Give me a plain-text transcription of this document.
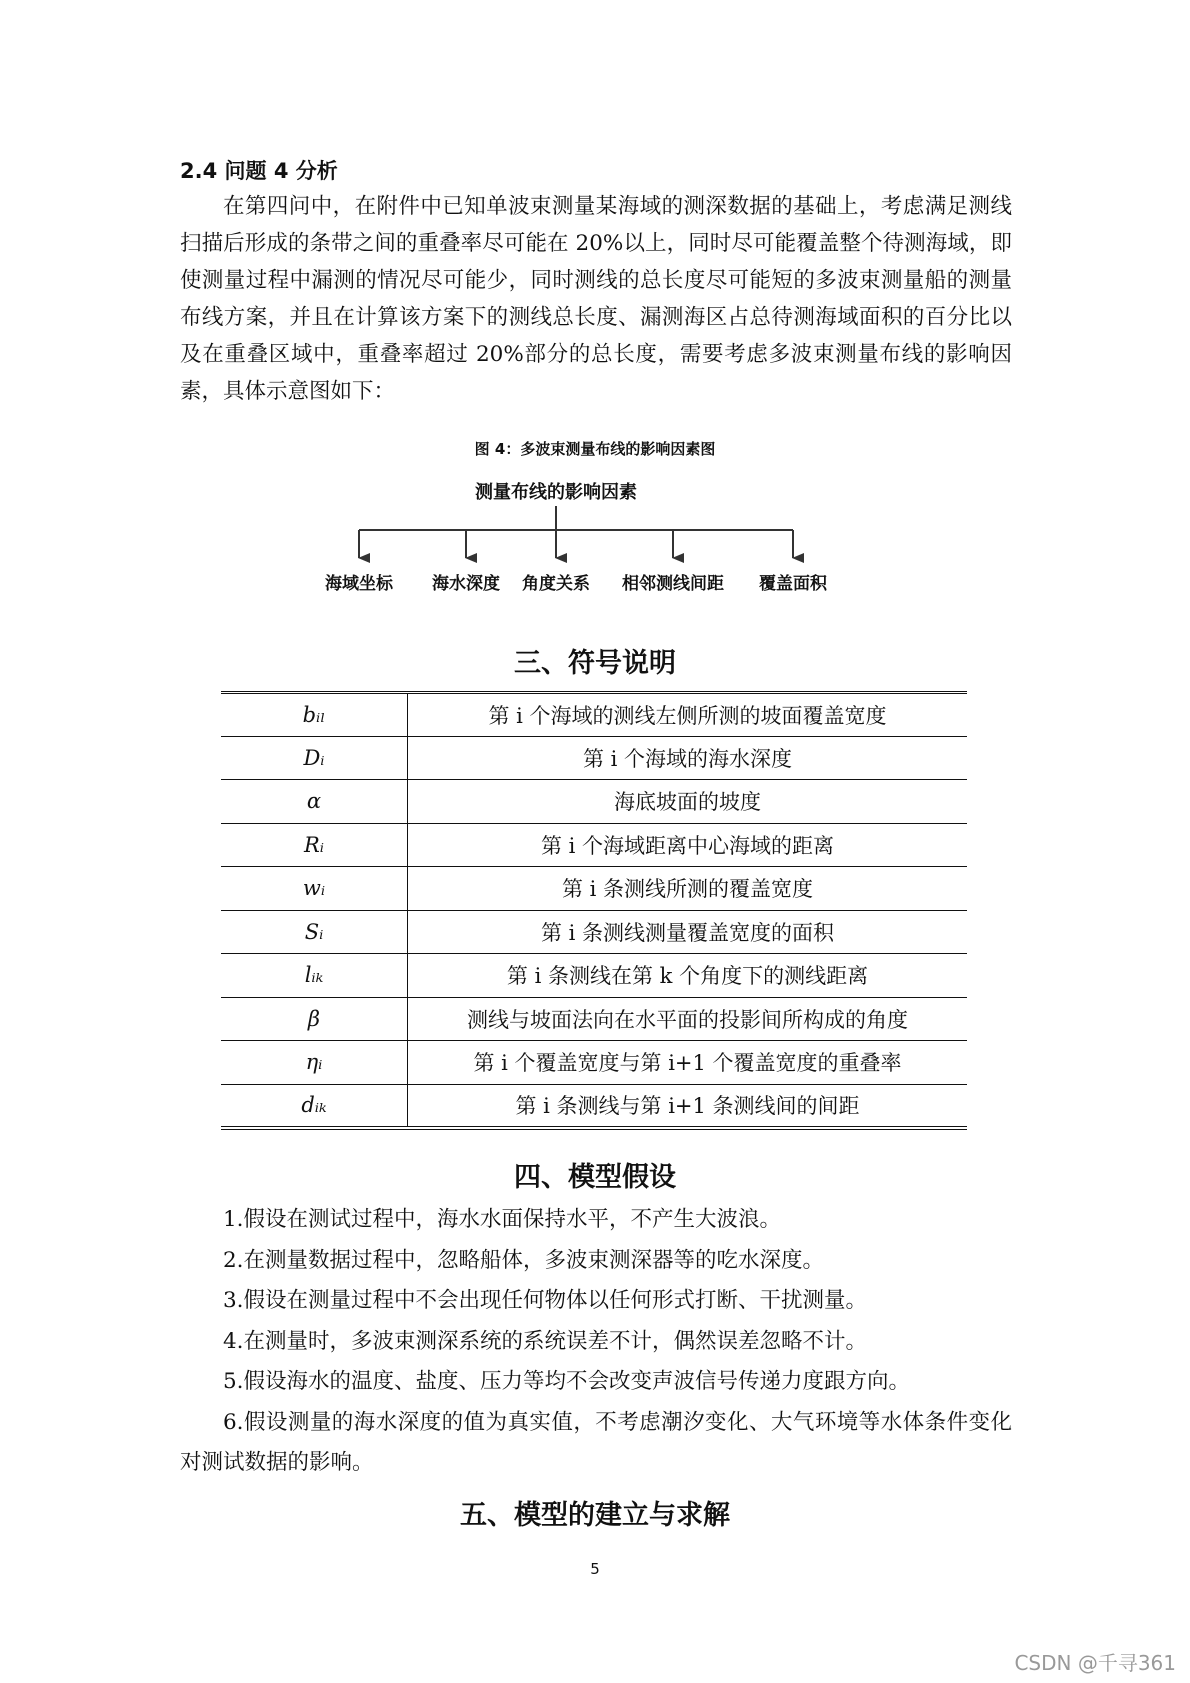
2.4 问题 4 分析
在第四问中，在附件中已知单波束测量某海域的测深数据的基础上，考虑满足测线扫描后形成的条带之间的重叠率尽可能在 20%以上，同时尽可能覆盖整个待测海域，即使测量过程中漏测的情况尽可能少，同时测线的总长度尽可能短的多波束测量船的测量布线方案，并且在计算该方案下的测线总长度、漏测海区占总待测海域面积的百分比以及在重叠区域中，重叠率超过 20%部分的总长度，需要考虑多波束测量布线的影响因素，具体示意图如下：
图 4：多波束测量布线的影响因素图
测量布线的影响因素
海域坐标 海水深度 角度关系 相邻测线间距 覆盖面积
三、符号说明
bᵢₗ	第 i 个海域的测线左侧所测的坡面覆盖宽度
Dᵢ	第 i 个海域的海水深度
α	海底坡面的坡度
Rᵢ	第 i 个海域距离中心海域的距离
wᵢ	第 i 条测线所测的覆盖宽度
Sᵢ	第 i 条测线测量覆盖宽度的面积
lᵢₖ	第 i 条测线在第 k 个角度下的测线距离
β	测线与坡面法向在水平面的投影间所构成的角度
ηᵢ	第 i 个覆盖宽度与第 i+1 个覆盖宽度的重叠率
dᵢₖ	第 i 条测线与第 i+1 条测线间的间距
四、模型假设
1.假设在测试过程中，海水水面保持水平，不产生大波浪。
2.在测量数据过程中，忽略船体，多波束测深器等的吃水深度。
3.假设在测量过程中不会出现任何物体以任何形式打断、干扰测量。
4.在测量时，多波束测深系统的系统误差不计，偶然误差忽略不计。
5.假设海水的温度、盐度、压力等均不会改变声波信号传递力度跟方向。
6.假设测量的海水深度的值为真实值，不考虑潮汐变化、大气环境等水体条件变化对测试数据的影响。
五、模型的建立与求解
5
CSDN @千寻361
